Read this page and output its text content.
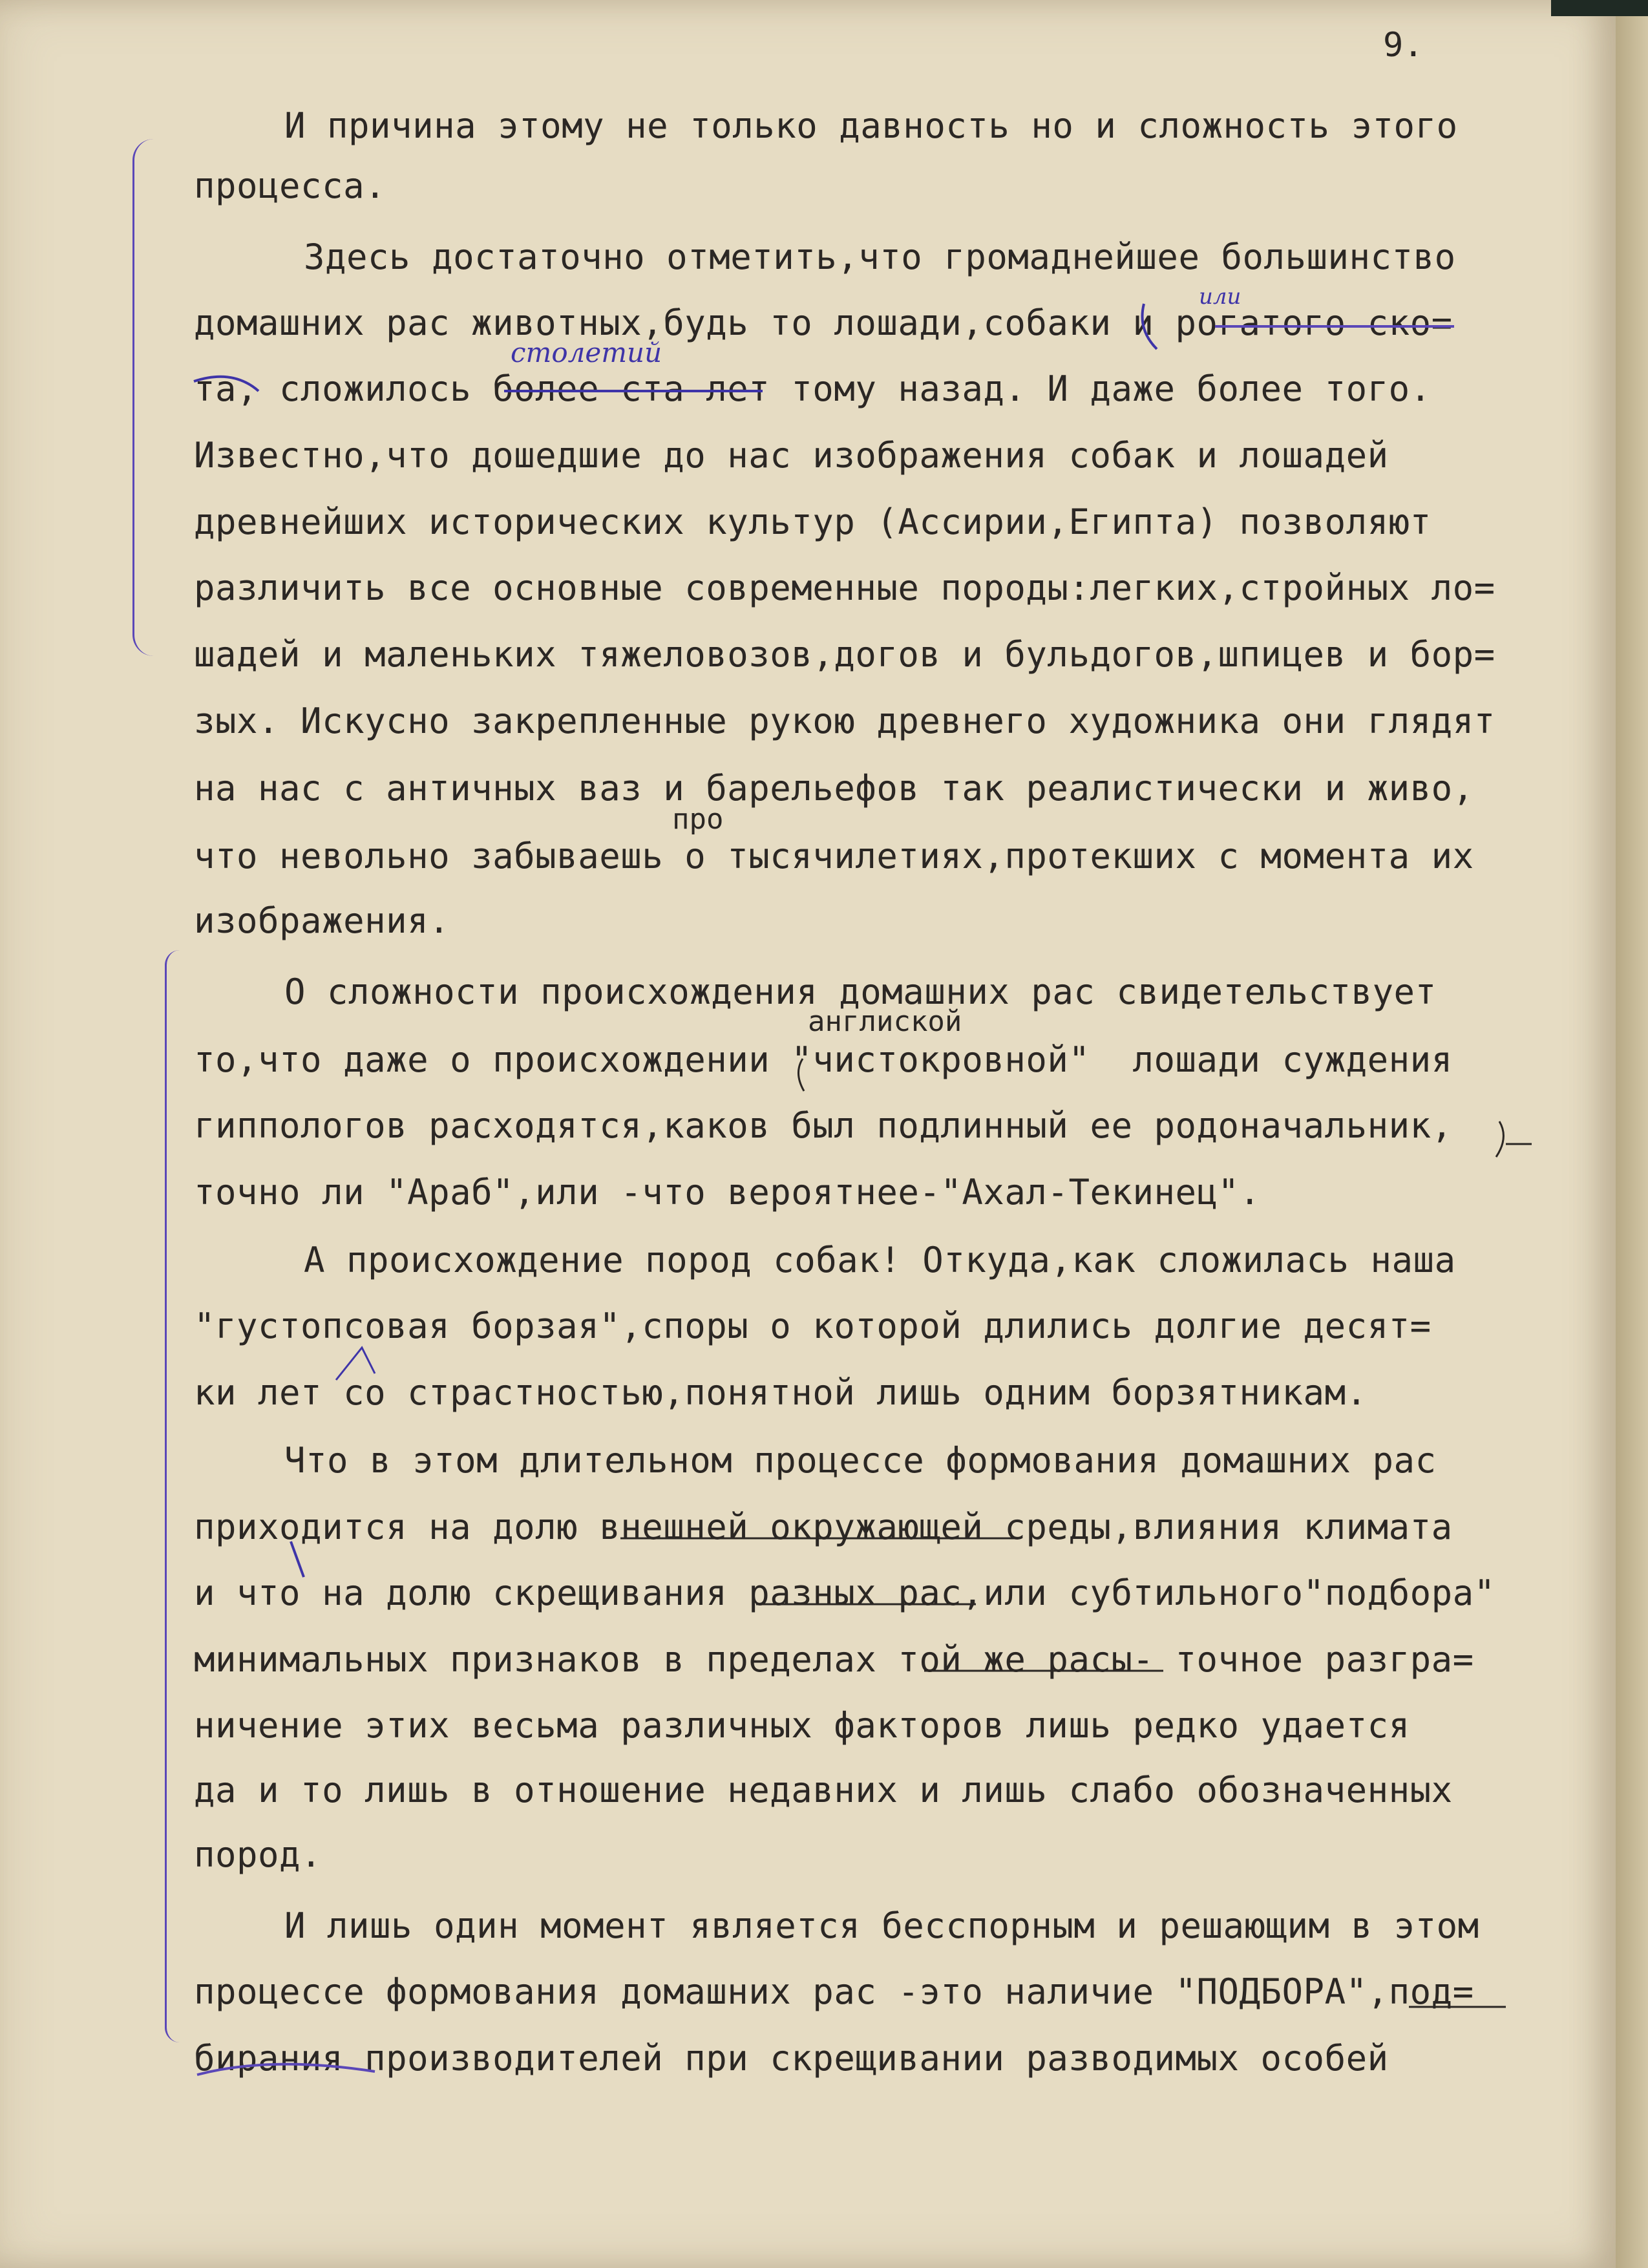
9.
И причина этому не только давность но и сложность этого
процесса.
Здесь достаточно отметить,что громаднейшее большинство
домашних рас животных,будь то лошади,собаки и рогатого ско=
та, сложилось более ста лет тому назад. И даже более того.
Известно,что дошедшие до нас изображения собак и лошадей
древнейших исторических культур (Ассирии,Египта) позволяют
различить все основные современные породы:легких,стройных ло=
шадей и маленьких тяжеловозов,догов и бульдогов,шпицев и бор=
зых. Искусно закрепленные рукою древнего художника они глядят
на нас с античных ваз и барельефов так реалистически и живо,
про
что невольно забываешь о тысячилетиях,протекших с момента их
изображения.
О сложности происхождения домашних рас свидетельствует
англиской
то,что даже о происхождении "чистокровной"  лошади суждения
гиппологов расходятся,каков был подлинный ее родоначальник,
точно ли "Араб",или -что вероятнее-"Ахал-Текинец".
А происхождение пород собак! Откуда,как сложилась наша
"густопсовая борзая",споры о которой длились долгие десят=
ки лет со страстностью,понятной лишь одним борзятникам.
Что в этом длительном процессе формования домашних рас
приходится на долю внешней окружающей среды,влияния климата
и что на долю скрещивания разных рас,или субтильного"подбора"
минимальных признаков в пределах той же расы- точное разгра=
ничение этих весьма различных факторов лишь редко удается
да и то лишь в отношение недавних и лишь слабо обозначенных
пород.
И лишь один момент является бесспорным и решающим в этом
процессе формования домашних рас -это наличие "ПОДБОРА",под=
бирания производителей при скрещивании разводимых особей
или
столетий
